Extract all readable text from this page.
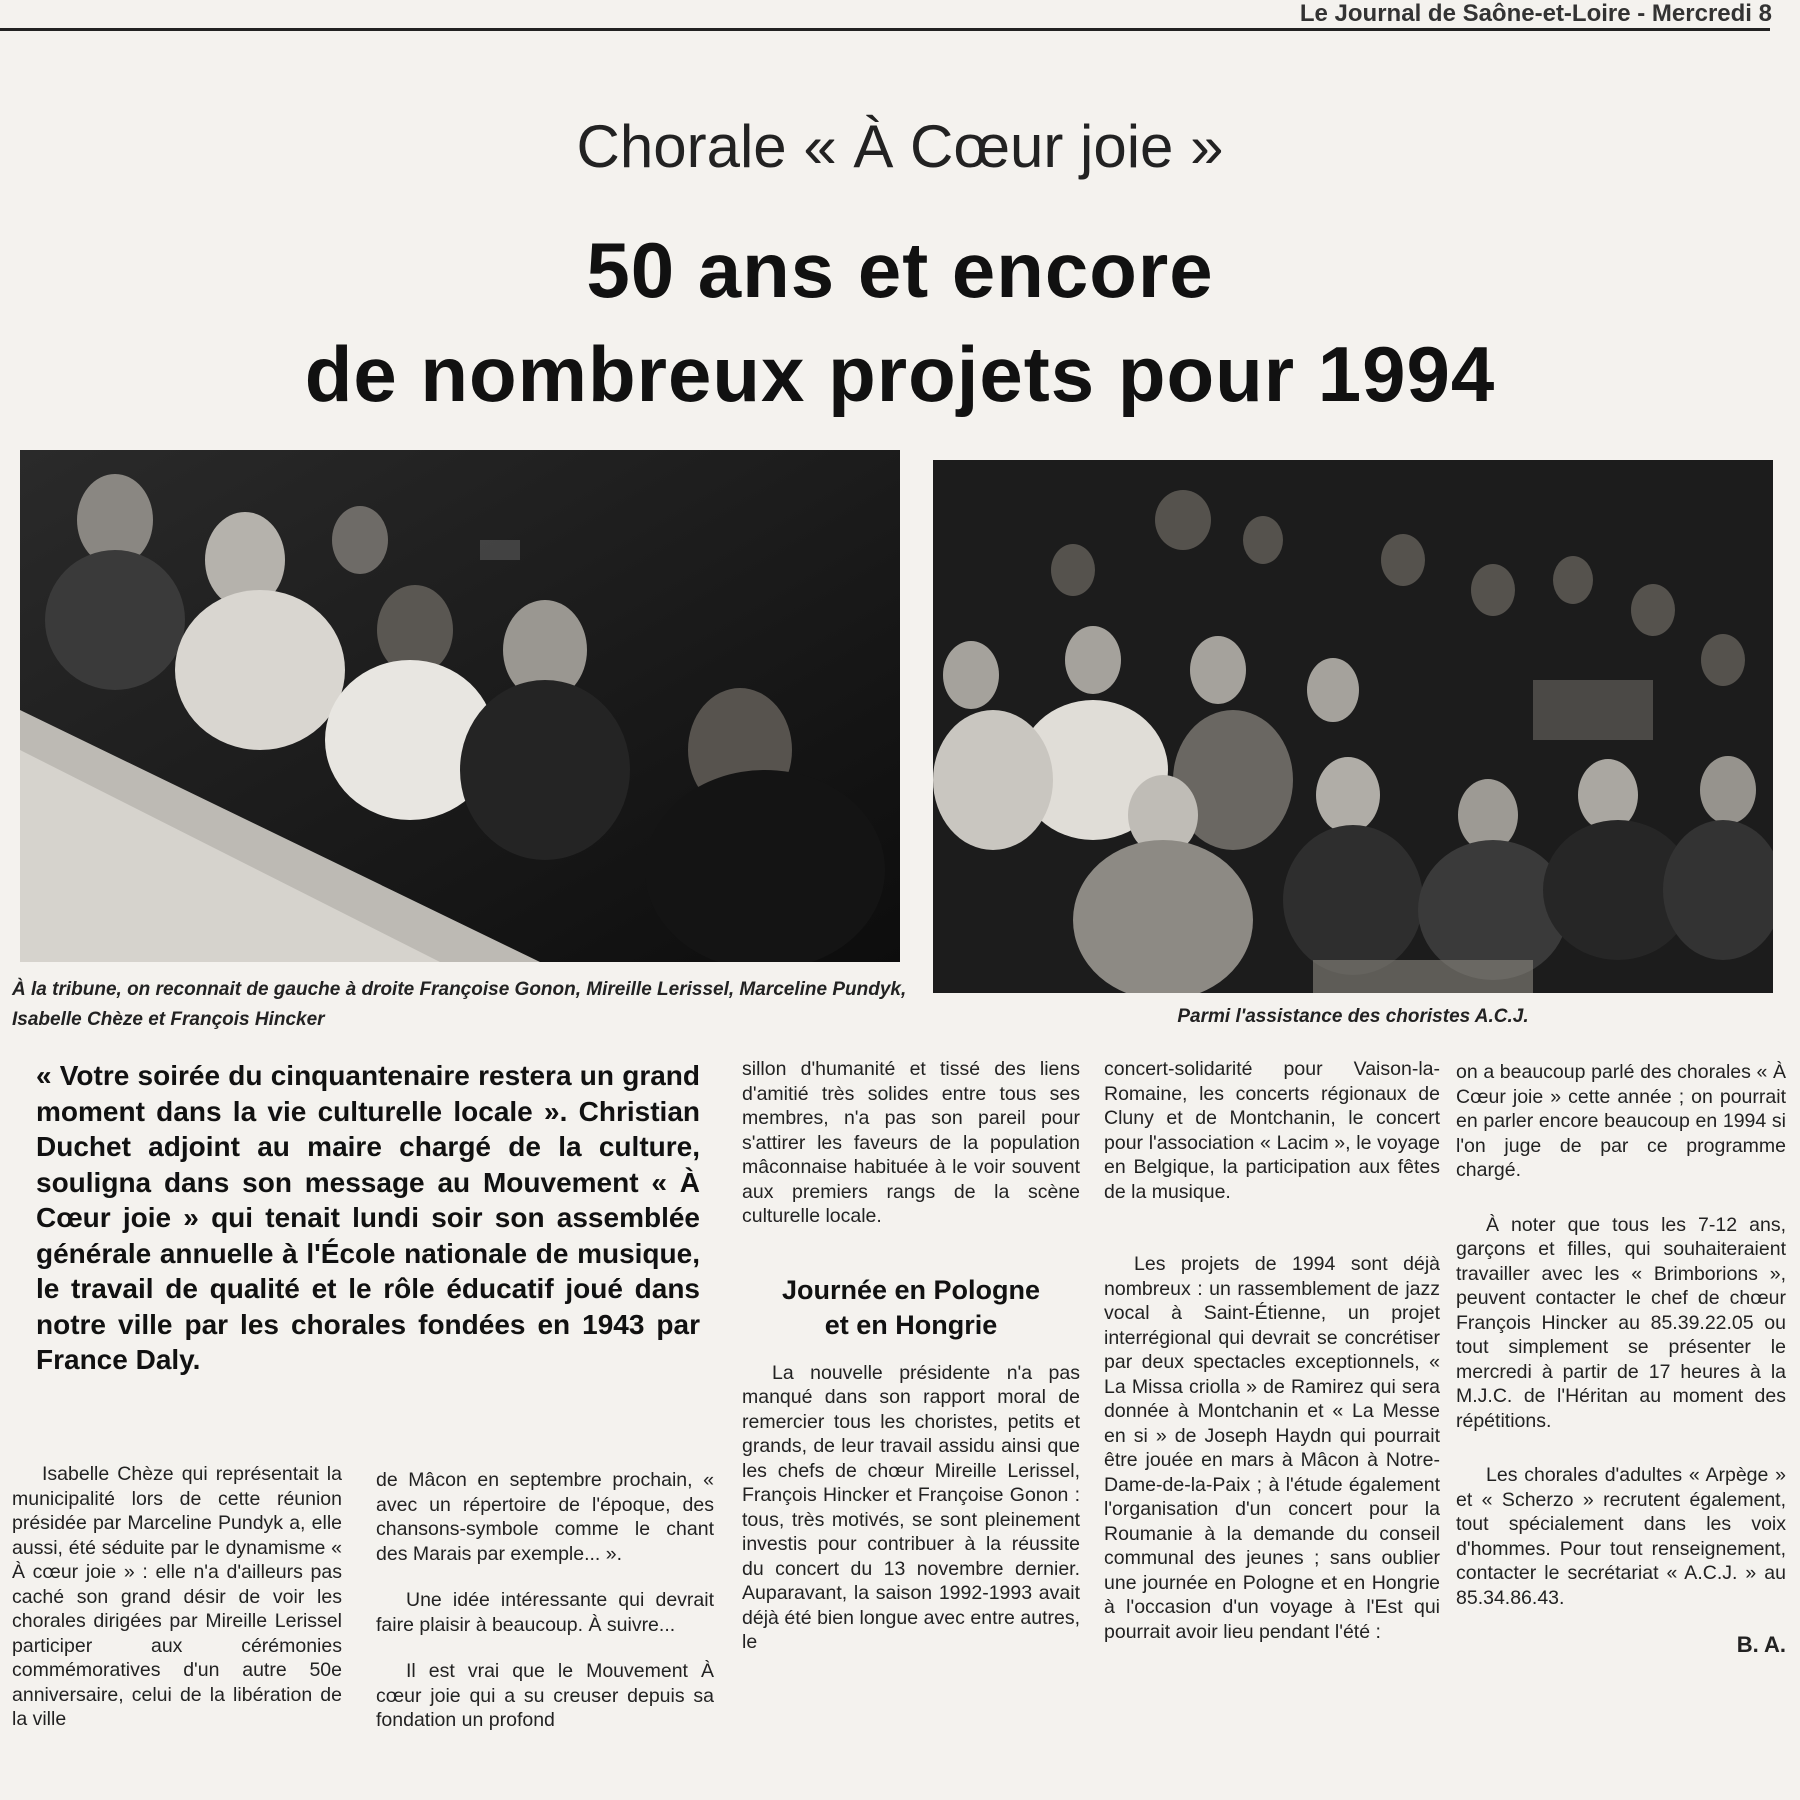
Le Journal de Saône-et-Loire - Mercredi 8
Chorale « À Cœur joie »
50 ans et encore
de nombreux projets pour 1994
À la tribune, on reconnait de gauche à droite Françoise Gonon, Mireille Lerissel, Marceline Pundyk, Isabelle Chèze et François Hincker	Parmi l'assistance des choristes A.C.J.
« Votre soirée du cinquantenaire restera un grand moment dans la vie culturelle locale ». Christian Duchet adjoint au maire chargé de la culture, souligna dans son message au Mouvement « À Cœur joie » qui tenait lundi soir son assemblée générale annuelle à l'École nationale de musique, le travail de qualité et le rôle éducatif joué dans notre ville par les chorales fondées en 1943 par France Daly.

Isabelle Chèze qui représentait la municipalité lors de cette réunion présidée par Marceline Pundyk a, elle aussi, été séduite par le dynamisme « À cœur joie » : elle n'a d'ailleurs pas caché son grand désir de voir les chorales dirigées par Mireille Lerissel participer aux cérémonies commémoratives d'un autre 50e anniversaire, celui de la libération de la ville

de Mâcon en septembre prochain, « avec un répertoire de l'époque, des chansons-symbole comme le chant des Marais par exemple... ».

Une idée intéressante qui devrait faire plaisir à beaucoup. À suivre...

Il est vrai que le Mouvement À cœur joie qui a su creuser depuis sa fondation un profond

sillon d'humanité et tissé des liens d'amitié très solides entre tous ses membres, n'a pas son pareil pour s'attirer les faveurs de la population mâconnaise habituée à le voir souvent aux premiers rangs de la scène culturelle locale.

Journée en Pologne
et en Hongrie

La nouvelle présidente n'a pas manqué dans son rapport moral de remercier tous les choristes, petits et grands, de leur travail assidu ainsi que les chefs de chœur Mireille Lerissel, François Hincker et Françoise Gonon : tous, très motivés, se sont pleinement investis pour contribuer à la réussite du concert du 13 novembre dernier. Auparavant, la saison 1992-1993 avait déjà été bien longue avec entre autres, le

concert-solidarité pour Vaison-la-Romaine, les concerts régionaux de Cluny et de Montchanin, le concert pour l'association « Lacim », le voyage en Belgique, la participation aux fêtes de la musique.

Les projets de 1994 sont déjà nombreux : un rassemblement de jazz vocal à Saint-Étienne, un projet interrégional qui devrait se concrétiser par deux spectacles exceptionnels, « La Missa criolla » de Ramirez qui sera donnée à Montchanin et « La Messe en si » de Joseph Haydn qui pourrait être jouée en mars à Mâcon à Notre-Dame-de-la-Paix ; à l'étude également l'organisation d'un concert pour la Roumanie à la demande du conseil communal des jeunes ; sans oublier une journée en Pologne et en Hongrie à l'occasion d'un voyage à l'Est qui pourrait avoir lieu pendant l'été :

on a beaucoup parlé des chorales « À Cœur joie » cette année ; on pourrait en parler encore beaucoup en 1994 si l'on juge de par ce programme chargé.

À noter que tous les 7-12 ans, garçons et filles, qui souhaiteraient travailler avec les « Brimborions », peuvent contacter le chef de chœur François Hincker au 85.39.22.05 ou tout simplement se présenter le mercredi à partir de 17 heures à la M.J.C. de l'Héritan au moment des répétitions.

Les chorales d'adultes « Arpège » et « Scherzo » recrutent également, tout spécialement dans les voix d'hommes. Pour tout renseignement, contacter le secrétariat « A.C.J. » au 85.34.86.43.

B. A.
